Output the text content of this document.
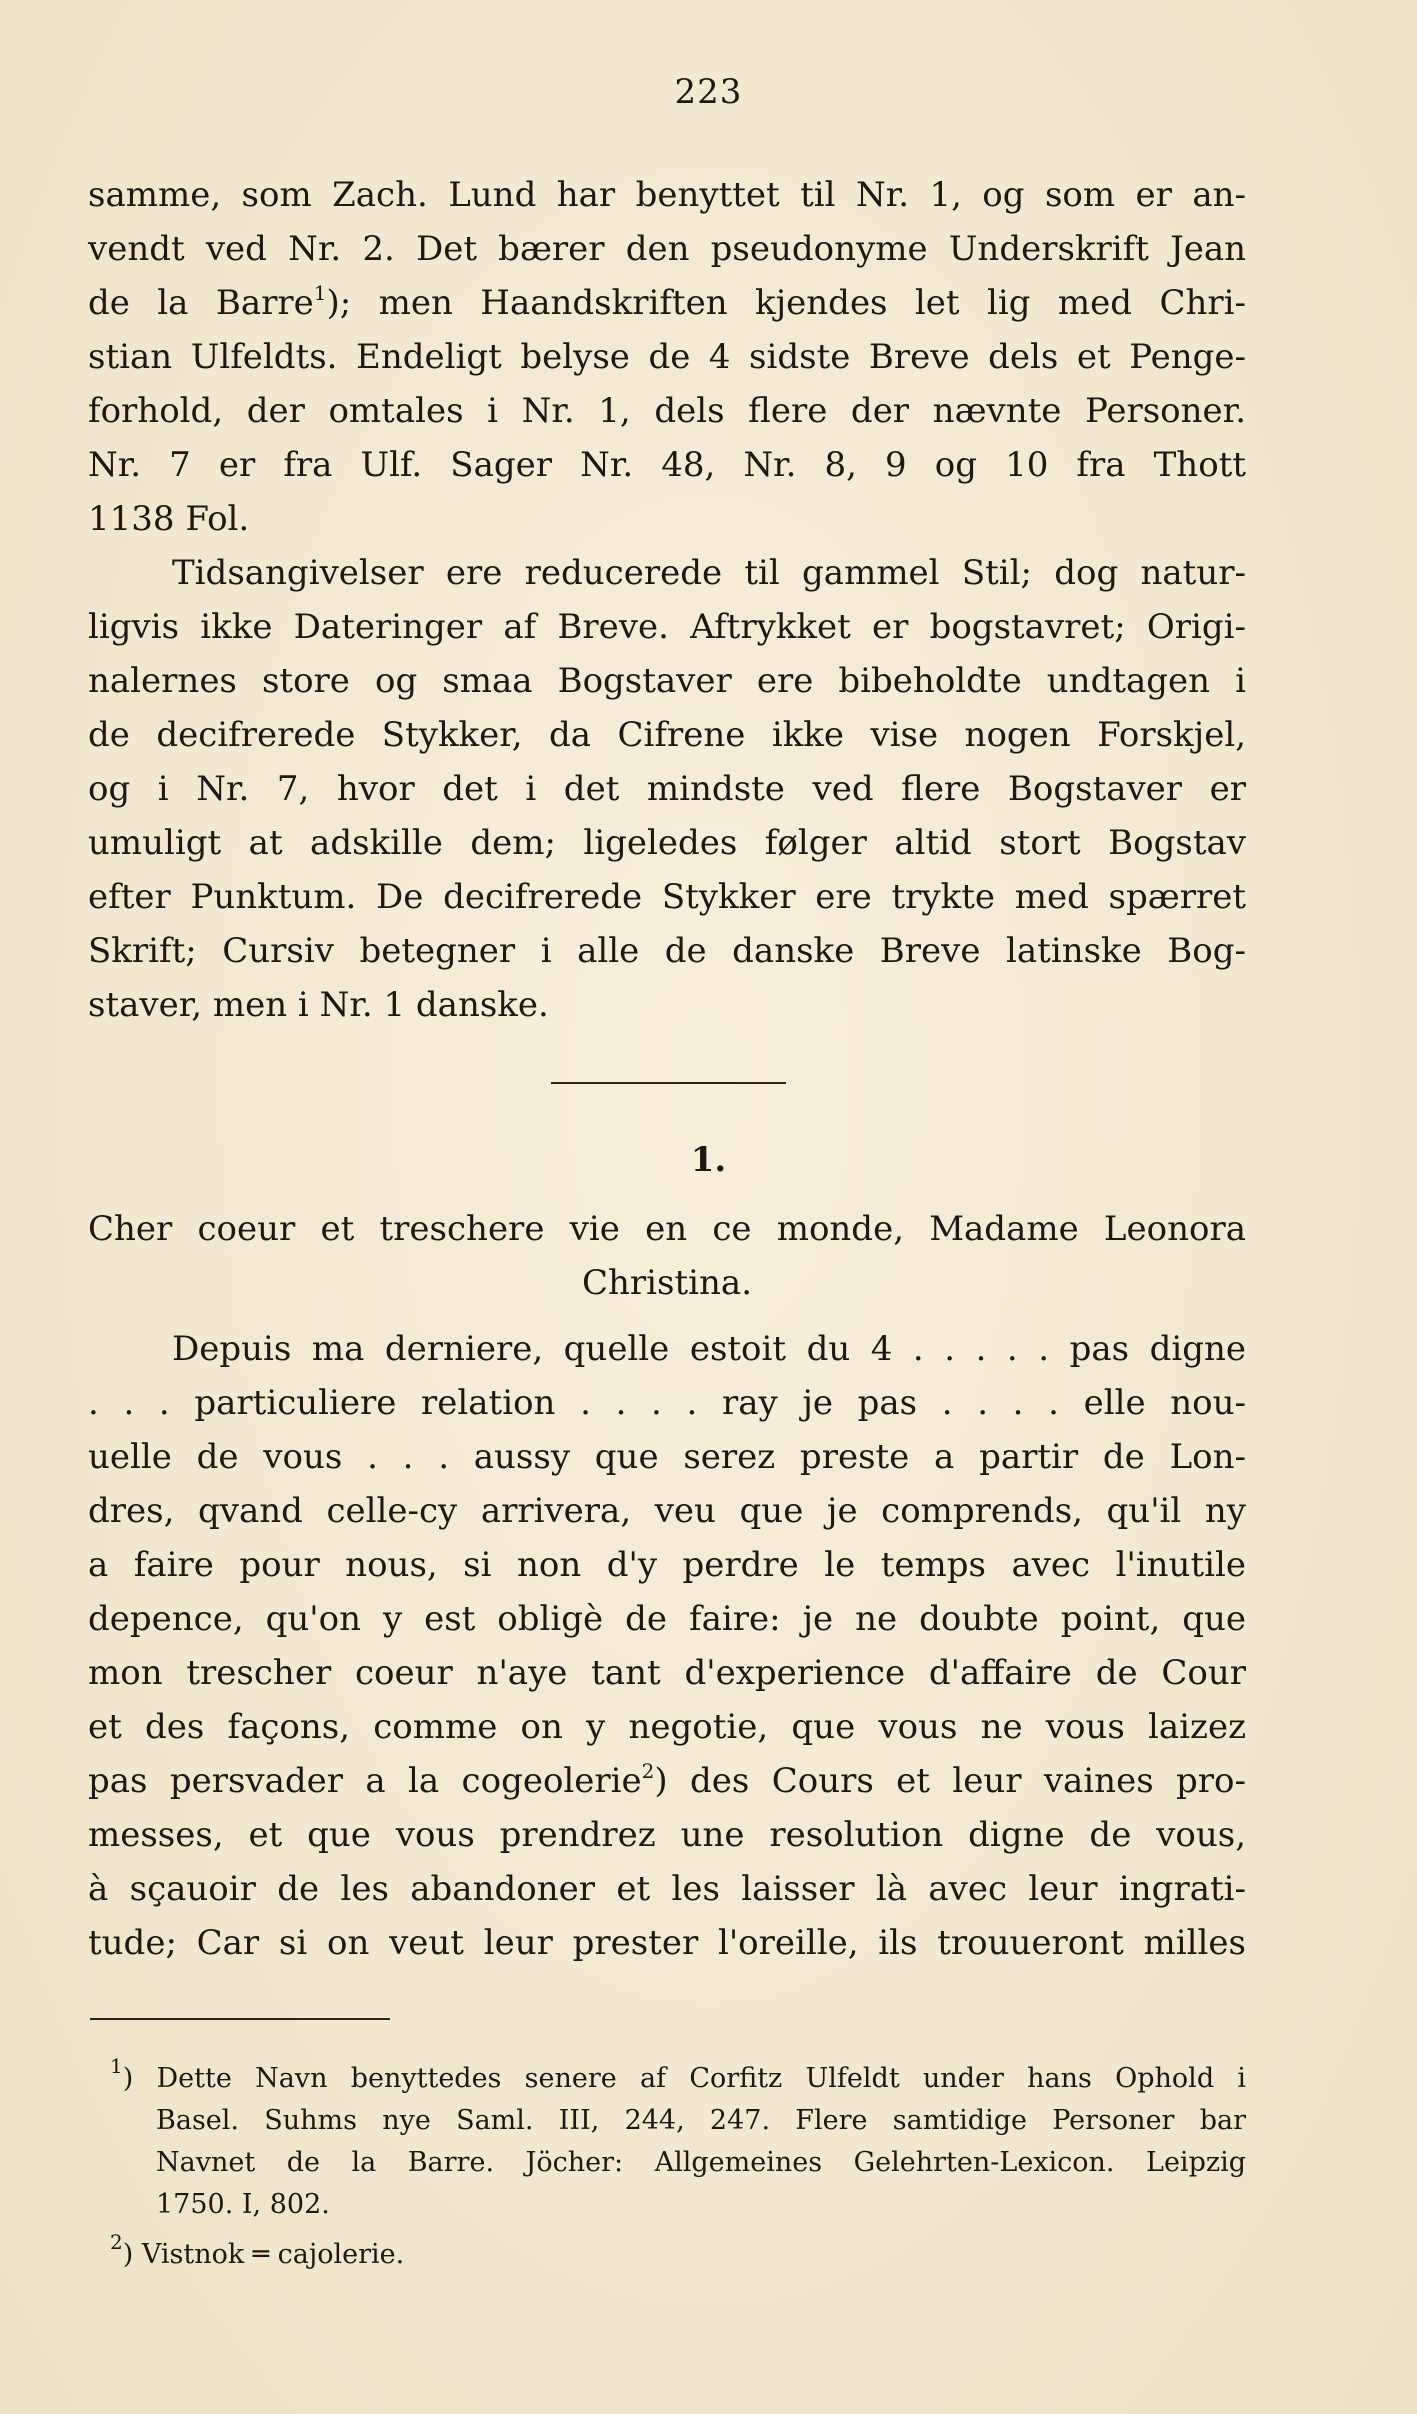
223
samme, som Zach. Lund har benyttet til Nr. 1, og som er an-
vendt ved Nr. 2. Det bærer den pseudonyme Underskrift Jean
de la Barre$^1$); men Haandskriften kjendes let lig med Chri-
stian Ulfeldts. Endeligt belyse de 4 sidste Breve dels et Penge-
forhold, der omtales i Nr. 1, dels flere der nævnte Personer.
Nr. 7 er fra Ulf. Sager Nr. 48, Nr. 8, 9 og 10 fra Thott
1138 Fol.
Tidsangivelser ere reducerede til gammel Stil; dog natur-
ligvis ikke Dateringer af Breve. Aftrykket er bogstavret; Origi-
nalernes store og smaa Bogstaver ere bibeholdte undtagen i
de decifrerede Stykker, da Cifrene ikke vise nogen Forskjel,
og i Nr. 7, hvor det i det mindste ved flere Bogstaver er
umuligt at adskille dem; ligeledes følger altid stort Bogstav
efter Punktum. De decifrerede Stykker ere trykte med spærret
Skrift; Cursiv betegner i alle de danske Breve latinske Bog-
staver, men i Nr. 1 danske.
1.
Cher coeur et treschere vie en ce monde, Madame Leonora
Christina.
Depuis ma derniere, quelle estoit du 4 . . . . . pas digne
. . . particuliere relation . . . . ray je pas . . . . elle nou-
uelle de vous . . . aussy que serez preste a partir de Lon-
dres, qvand celle-cy arrivera, veu que je comprends, qu'il ny
a faire pour nous, si non d'y perdre le temps avec l'inutile
depence, qu'on y est obligè de faire: je ne doubte point, que
mon trescher coeur n'aye tant d'experience d'affaire de Cour
et des façons, comme on y negotie, que vous ne vous laizez
pas persvader a la cogeolerie$^2$) des Cours et leur vaines pro-
messes, et que vous prendrez une resolution digne de vous,
à sçauoir de les abandoner et les laisser là avec leur ingrati-
tude; Car si on veut leur prester l'oreille, ils trouueront milles
$^1$) Dette Navn benyttedes senere af Corfitz Ulfeldt under hans Ophold i
Basel. Suhms nye Saml. III, 244, 247. Flere samtidige Personer bar
Navnet de la Barre. Jöcher: Allgemeines Gelehrten-Lexicon. Leipzig
1750. I, 802.
$^2$) Vistnok ═ cajolerie.
